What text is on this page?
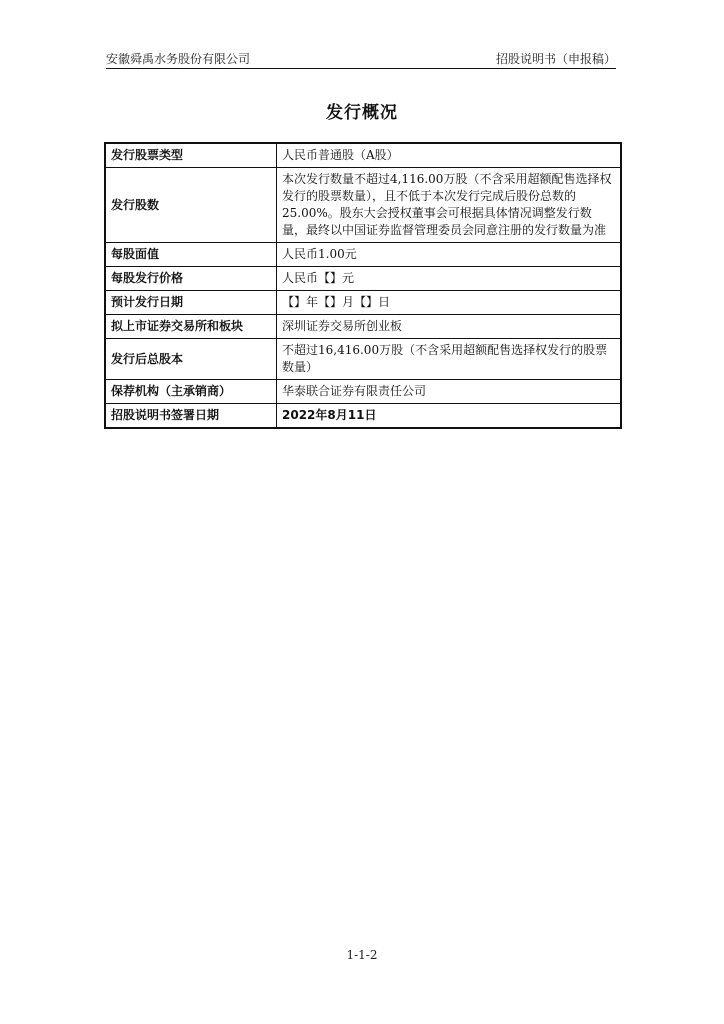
安徽舜禹水务股份有限公司	招股说明书（申报稿）
发行概况
发行股票类型	人民币普通股（A股）
发行股数	本次发行数量不超过4,116.00万股（不含采用超额配售选择权发行的股票数量），且不低于本次发行完成后股份总数的25.00%。股东大会授权董事会可根据具体情况调整发行数量，最终以中国证券监督管理委员会同意注册的发行数量为准
每股面值	人民币1.00元
每股发行价格	人民币【】元
预计发行日期	【】年【】月【】日
拟上市证券交易所和板块	深圳证券交易所创业板
发行后总股本	不超过16,416.00万股（不含采用超额配售选择权发行的股票数量）
保荐机构（主承销商）	华泰联合证券有限责任公司
招股说明书签署日期	2022年8月11日
1-1-2
